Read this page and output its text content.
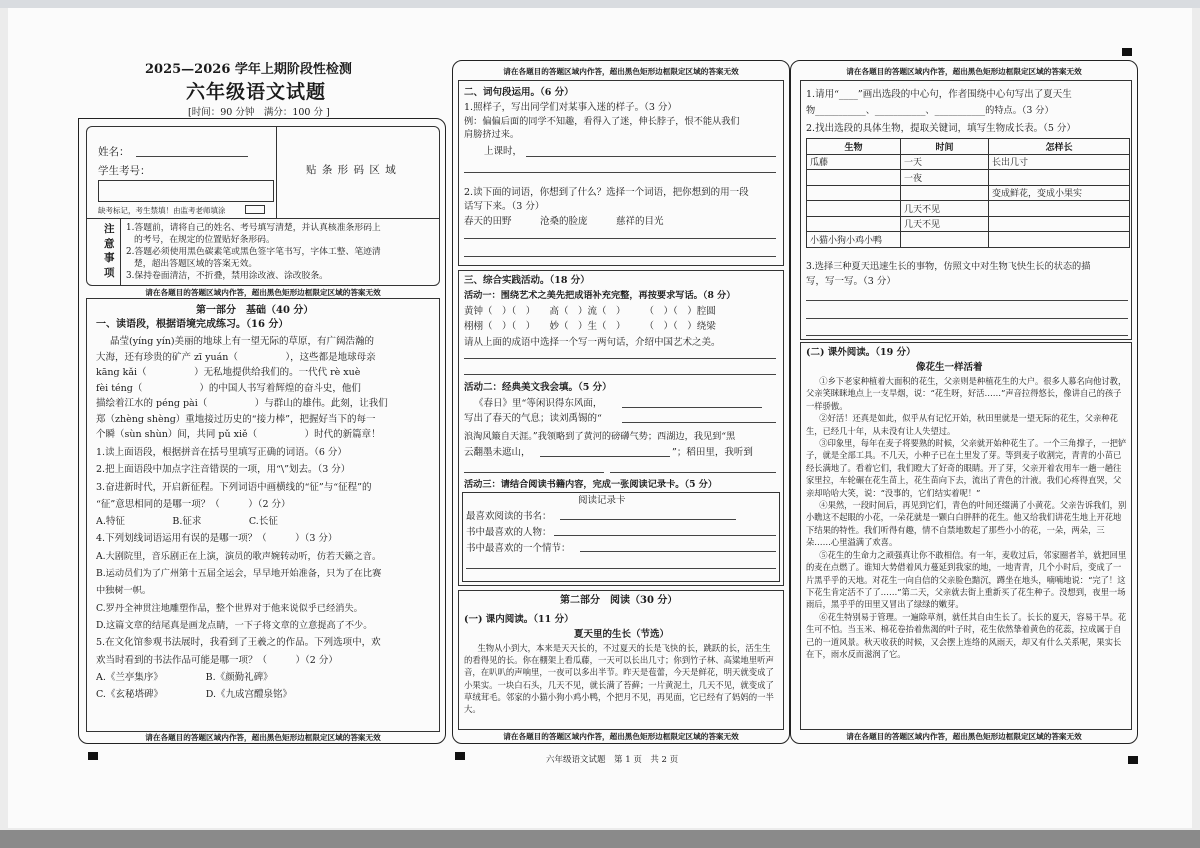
2025—2026 学年上期阶段性检测
六年级语文试题
[时间：90 分钟　满分：100 分 ]
姓名：
学生考号：
缺考标记，考生禁填！由监考老师填涂
贴 条 形 码 区 域
注意事项
1.答题前，请将自己的姓名、考号填写清楚，并认真核准条形码上
的考号，在规定的位置贴好条形码。
2.答题必须使用黑色碳素笔或黑色签字笔书写，字体工整、笔迹清
楚，超出答题区域的答案无效。
3.保持卷面清洁，不折叠，禁用涂改液、涂改胶条。
请在各题目的答题区域内作答，超出黑色矩形边框限定区域的答案无效
第一部分　基础（40 分）
一、读语段，根据语境完成练习。（16 分）
晶莹(yíng yín)美丽的地球上有一望无际的草原，有广阔浩瀚的
大海，还有珍贵的矿产 zī yuán（　　　　　），这些都是地球母亲
kāng kǎi（　　　　　）无私地提供给我们的。一代代 rè xuè
fèi téng（　　　　　　）的中国人书写着辉煌的奋斗史，他们
描绘着江水的 péng pài（　　　　　）与群山的雄伟。此刻，让我们
郑（zhèng shèng）重地接过历史的“接力棒”，把握好当下的每一
个瞬（sùn shùn）间，共同 pǔ xiě（　　　　　）时代的新篇章！
1.读上面语段，根据拼音在括号里填写正确的词语。（6 分）
2.把上面语段中加点字注音错误的一项，用“\”划去。（3 分）
3.奋进新时代，开启新征程。下列词语中画横线的“征”与“征程”的
“征”意思相同的是哪一项？（　　　）（2 分）
A.特征　　　　　B.征求　　　　　C.长征
4.下列划线词语运用有误的是哪一项？（　　　）（3 分）
A.大剧院里，音乐剧正在上演，演员的歌声婉转动听，仿若天籁之音。
B.运动员们为了广州第十五届全运会，早早地开始准备，只为了在比赛
中独树一帜。
C.罗丹全神贯注地雕塑作品，整个世界对于他来说似乎已经消失。
D.这篇文章的结尾真是画龙点睛，一下子将文章的立意提高了不少。
5.在文化馆参观书法展时，我看到了王羲之的作品。下列选项中，欢
欢当时看到的书法作品可能是哪一项？（　　　）（2 分）
A.《兰亭集序》　　　　　B.《颜勤礼碑》
C.《玄秘塔碑》　　　　　D.《九成宫醴泉铭》
请在各题目的答题区域内作答，超出黑色矩形边框限定区域的答案无效
请在各题目的答题区域内作答，超出黑色矩形边框限定区域的答案无效
二、词句段运用。（6 分）
1.照样子，写出同学们对某事入迷的样子。（3 分）
例：偏偏后面的同学不知趣，看得入了迷，伸长脖子，恨不能从我们
肩膀挤过来。
上课时，
2.读下面的词语，你想到了什么？选择一个词语，把你想到的用一段
话写下来。（3 分）
春天的田野　　　沧桑的脸庞　　　慈祥的目光
三、综合实践活动。（18 分）
活动一：围绕艺术之美先把成语补充完整，再按要求写话。（8 分）
黄钟（　）（　）　　高（　）流（　）　　　（　）（　）腔圆
栩栩（　）（　）　　妙（　）生（　）　　　（　）（　）绕梁
请从上面的成语中选择一个写一两句话，介绍中国艺术之美。
活动二：经典美文我会填。（5 分）
《春日》里“等闲识得东风面，
写出了春天的气息；读刘禹锡的“
浪淘风簸自天涯。”我领略到了黄河的磅礴气势；西湖边，我见到“黑
云翻墨未遮山，	”；稻田里，我听到
活动三：请结合阅读书籍内容，完成一张阅读记录卡。（5 分）
阅读记录卡
最喜欢阅读的书名：
书中最喜欢的人物：
书中最喜欢的一个情节：
第二部分　阅读（30 分）
(一) 课内阅读。（11 分）
夏天里的生长（节选）
生物从小到大，本来是天天长的，不过夏天的长是飞快的长，跳跃的长，活生生的看得见的长。你在棚架上看瓜藤，一天可以长出几寸；你到竹子林、高粱地里听声音，在叭叭的声响里，一夜可以多出半节。昨天是苞蕾，今天是鲜花，明天就变成了小果实。一块白石头，几天不见，就长满了苔藓；一片黄泥土，几天不见，就变成了草绒茸毛。邻家的小猫小狗小鸡小鸭，个把月不见，再见面，它已经有了妈妈的一半大。
请在各题目的答题区域内作答，超出黑色矩形边框限定区域的答案无效
请在各题目的答题区域内作答，超出黑色矩形边框限定区域的答案无效
1.请用“____”画出选段的中心句，作者围绕中心句写出了夏天生
物___________、___________、___________的特点。（3 分）
2.找出选段的具体生物，提取关键词，填写生物成长表。（5 分）
生物	时间	怎样长
瓜藤	一天	长出几寸
	一夜	
		变成鲜花，变成小果实
	几天不见	
	几天不见	
小猫小狗小鸡小鸭		
3.选择三种夏天迅速生长的事物，仿照文中对生物飞快生长的状态的描
写，写一写。（3 分）
(二) 课外阅读。（19 分）
像花生一样活着
①乡下老家种植着大面积的花生，父亲则是种植花生的大户。很多人慕名向他讨教，父亲笑眯眯地点上一支旱烟，说：“花生呀，好活……”声音拉得悠长，像讲自己的孩子一样骄傲。
②好活！还真是如此，似乎从有记忆开始，秋田里就是一望无际的花生，父亲种花生，已经几十年，从未没有让人失望过。
③印象里，每年在麦子将要熟的时候，父亲就开始种花生了。一个三角撑子，一把铲子，就是全部工具。不几天，小种子已在土里发了芽。等到麦子收割完，青青的小苗已经长满地了。看着它们，我们瞪大了好奇的眼睛。开了芽，父亲开着农用车一趟一趟往家里拉，车轮碾在花生苗上，花生苗向下去，流出了青色的汁液。我们心疼得直哭，父亲却哈哈大笑，说：“没事的，它们结实着呢！”
④果然，一段时间后，再见到它们，青色的叶间还缀满了小黄花。父亲告诉我们，别小瞧这不起眼的小花，一朵花就是一颗白白胖胖的花生。他又给我们讲花生地上开花地下结果的特性。我们听得有趣，情不自禁地数起了那些小小的花，一朵，两朵，三朵……心里溢满了欢喜。
⑤花生的生命力之顽强真让你不敢相信。有一年，麦收过后，邻家圈者羊，就把回里的麦在点燃了。谁知大势借着风力蔓延到我家的地，一地青青，几个小时后，变成了一片黑乎乎的天地。对花生一向自信的父亲脸色黯沉，蹲坐在地头，喃喃地说：“完了！这下花生肯定活不了了……”第二天，父亲就去街上重新买了花生种子。没想到，夜里一场雨后，黑乎乎的田里又冒出了绿绿的嫩芽。
⑥花生特别易于管理。一遍除草剂，就任其自由生长了。长长的夏天，容易干旱。花生可不怕。当玉米、棉花卷抬着焦渴的叶子时，花生依然挚着黄色的花蕊，拉成属于自己的一道风景。秋天收获的时候，又会摆上连络的风雨天，却又有什么关系呢，果实长在下，雨水反而滋润了它。
请在各题目的答题区域内作答，超出黑色矩形边框限定区域的答案无效
六年级语文试题　第 1 页　共 2 页
